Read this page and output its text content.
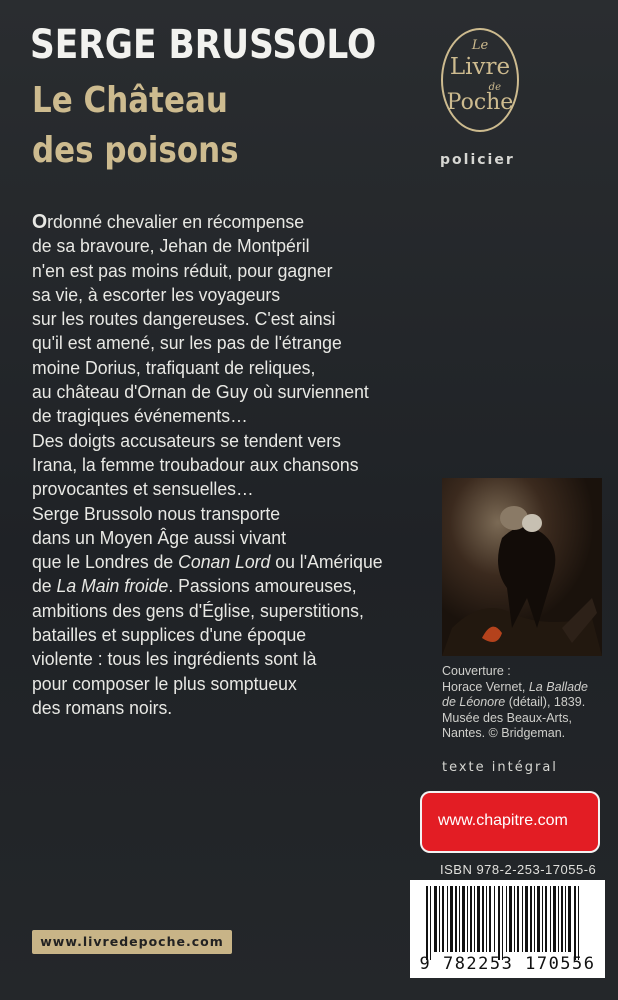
SERGE BRUSSOLO
Le Château
des poisons
Le
Livre
de
Poche
policier
Ordonné chevalier en récompense
de sa bravoure, Jehan de Montpéril
n'en est pas moins réduit, pour gagner
sa vie, à escorter les voyageurs
sur les routes dangereuses. C'est ainsi
qu'il est amené, sur les pas de l'étrange
moine Dorius, trafiquant de reliques,
au château d'Ornan de Guy où surviennent
de tragiques événements…
Des doigts accusateurs se tendent vers
Irana, la femme troubadour aux chansons
provocantes et sensuelles…
Serge Brussolo nous transporte
dans un Moyen Âge aussi vivant
que le Londres de Conan Lord ou l'Amérique
de La Main froide. Passions amoureuses,
ambitions des gens d'Église, superstitions,
batailles et supplices d'une époque
violente : tous les ingrédients sont là
pour composer le plus somptueux
des romans noirs.
Couverture :
Horace Vernet, La Ballade
de Léonore (détail), 1839.
Musée des Beaux-Arts,
Nantes. © Bridgeman.
texte intégral
www.chapitre.com
ISBN 978-2-253-17055-6
9 782253 170556
www.livredepoche.com
